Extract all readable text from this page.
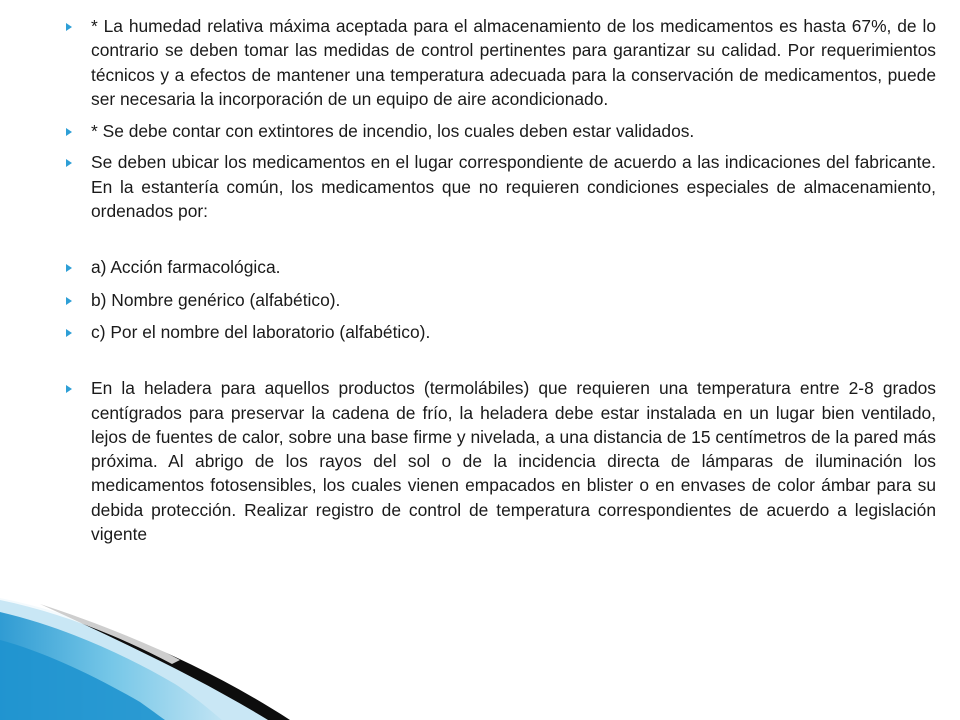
* La humedad relativa máxima aceptada para el almacenamiento de los medicamentos es hasta 67%, de lo contrario se deben tomar las medidas de control pertinentes para garantizar su calidad. Por requerimientos técnicos y a efectos de mantener una temperatura adecuada para la conservación de medicamentos, puede ser necesaria la incorporación de un equipo de aire acondicionado.
* Se debe contar con extintores de incendio, los cuales deben estar validados.
Se deben ubicar los medicamentos en el lugar correspondiente de acuerdo a las indicaciones del fabricante. En la estantería común, los medicamentos que no requieren condiciones especiales de almacenamiento, ordenados por:
a) Acción farmacológica.
b) Nombre genérico (alfabético).
c) Por el nombre del laboratorio (alfabético).
En la heladera para aquellos productos (termolábiles) que requieren una temperatura entre 2-8 grados centígrados para preservar la cadena de frío, la heladera debe estar instalada en un lugar bien ventilado, lejos de fuentes de calor, sobre una base firme y nivelada, a una distancia de 15 centímetros de la pared más próxima. Al abrigo de los rayos del sol o de la incidencia directa de lámparas de iluminación los medicamentos fotosensibles, los cuales vienen empacados en blister o en envases de color ámbar para su debida protección. Realizar registro de control de temperatura correspondientes de acuerdo a legislación vigente
